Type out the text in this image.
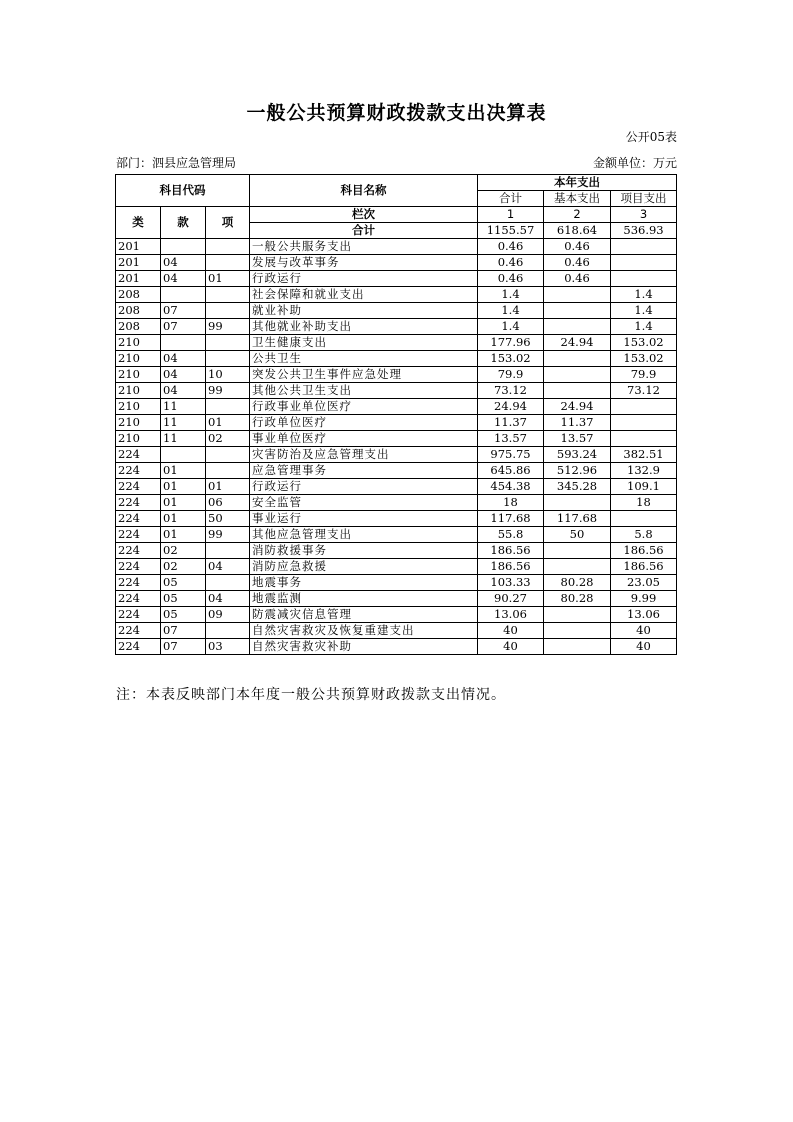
一般公共预算财政拨款支出决算表
公开05表
部门：泗县应急管理局	金额单位：万元
科目代码			科目名称	本年支出		
				合计	基本支出	项目支出
类	款	项	栏次	1	2	3
			合计	1155.57	618.64	536.93
201			一般公共服务支出	0.46	0.46	
201	04		发展与改革事务	0.46	0.46	
201	04	01	行政运行	0.46	0.46	
208			社会保障和就业支出	1.4		1.4
208	07		就业补助	1.4		1.4
208	07	99	其他就业补助支出	1.4		1.4
210			卫生健康支出	177.96	24.94	153.02
210	04		公共卫生	153.02		153.02
210	04	10	突发公共卫生事件应急处理	79.9		79.9
210	04	99	其他公共卫生支出	73.12		73.12
210	11		行政事业单位医疗	24.94	24.94	
210	11	01	行政单位医疗	11.37	11.37	
210	11	02	事业单位医疗	13.57	13.57	
224			灾害防治及应急管理支出	975.75	593.24	382.51
224	01		应急管理事务	645.86	512.96	132.9
224	01	01	行政运行	454.38	345.28	109.1
224	01	06	安全监管	18		18
224	01	50	事业运行	117.68	117.68	
224	01	99	其他应急管理支出	55.8	50	5.8
224	02		消防救援事务	186.56		186.56
224	02	04	消防应急救援	186.56		186.56
224	05		地震事务	103.33	80.28	23.05
224	05	04	地震监测	90.27	80.28	9.99
224	05	09	防震减灾信息管理	13.06		13.06
224	07		自然灾害救灾及恢复重建支出	40		40
224	07	03	自然灾害救灾补助	40		40
注：本表反映部门本年度一般公共预算财政拨款支出情况。
